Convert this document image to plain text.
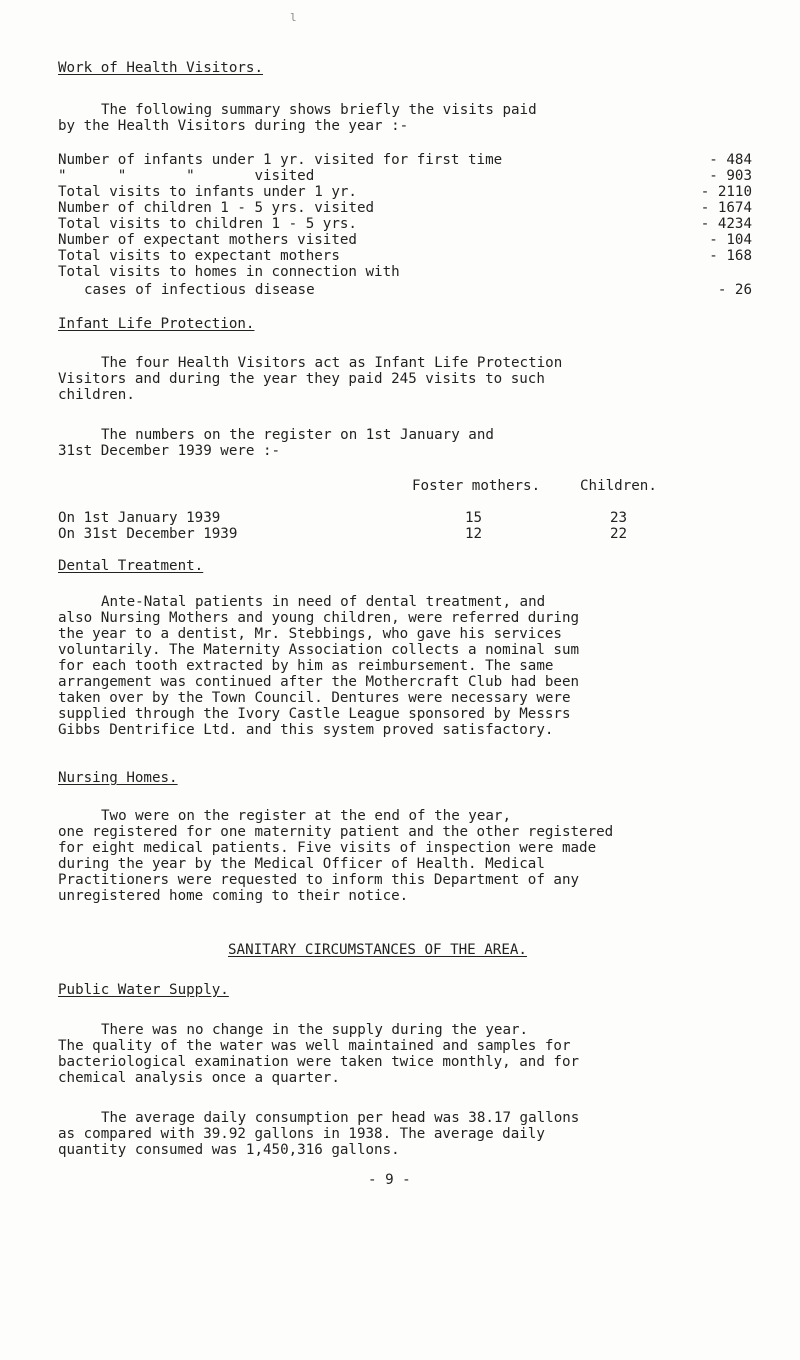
l
Work of Health Visitors.
The following summary shows briefly the visits paid
by the Health Visitors during the year :-
Number of infants under 1 yr. visited for first time	- 484
"      "       "       visited	- 903
Total visits to infants under 1 yr.	- 2110
Number of children 1 - 5 yrs. visited	- 1674
Total visits to children 1 - 5 yrs.	- 4234
Number of expectant mothers visited	- 104
Total visits to expectant mothers	- 168
Total visits to homes in connection with
cases of infectious disease	- 26
Infant Life Protection.
The four Health Visitors act as Infant Life Protection
Visitors and during the year they paid 245 visits to such
children.
The numbers on the register on 1st January and
31st December 1939 were :-
Foster mothers.	Children.
On 1st January 1939	15	23
On 31st December 1939	12	22
Dental Treatment.
Ante-Natal patients in need of dental treatment, and
also Nursing Mothers and young children, were referred during
the year to a dentist, Mr. Stebbings, who gave his services
voluntarily. The Maternity Association collects a nominal sum
for each tooth extracted by him as reimbursement. The same
arrangement was continued after the Mothercraft Club had been
taken over by the Town Council. Dentures were necessary were
supplied through the Ivory Castle League sponsored by Messrs
Gibbs Dentrifice Ltd. and this system proved satisfactory.
Nursing Homes.
Two were on the register at the end of the year,
one registered for one maternity patient and the other registered
for eight medical patients. Five visits of inspection were made
during the year by the Medical Officer of Health. Medical
Practitioners were requested to inform this Department of any
unregistered home coming to their notice.
SANITARY CIRCUMSTANCES OF THE AREA.
Public Water Supply.
There was no change in the supply during the year.
The quality of the water was well maintained and samples for
bacteriological examination were taken twice monthly, and for
chemical analysis once a quarter.
The average daily consumption per head was 38.17 gallons
as compared with 39.92 gallons in 1938. The average daily
quantity consumed was 1,450,316 gallons.
- 9 -
